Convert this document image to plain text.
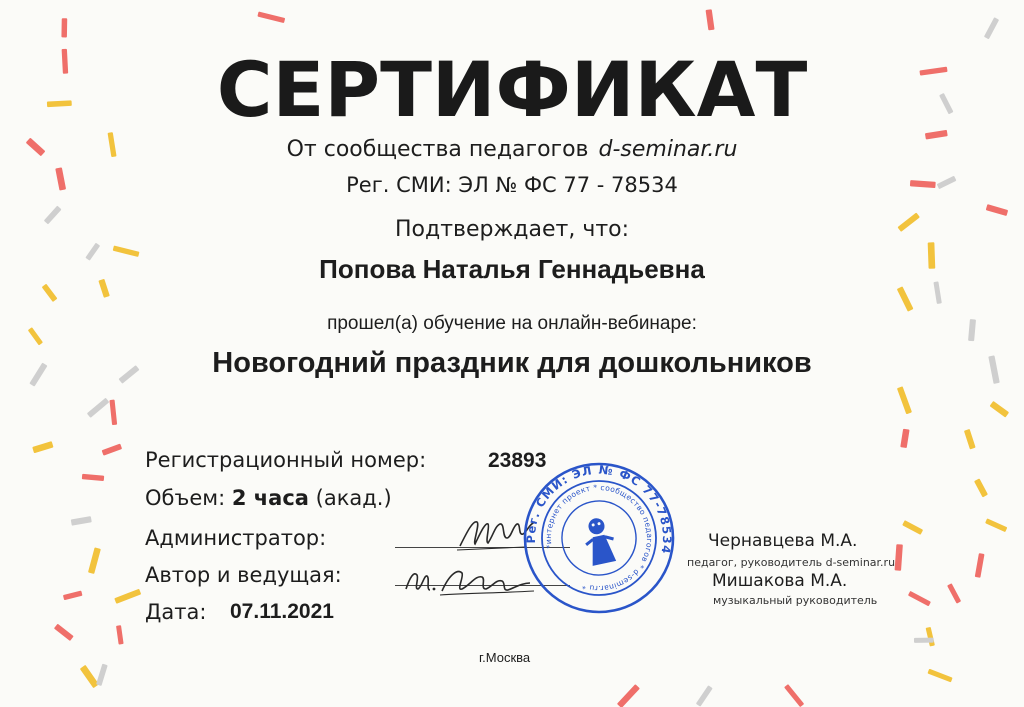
СЕРТИФИКАТ
От сообщества педагогов d-seminar.ru
Рег. СМИ: ЭЛ № ФС 77 - 78534
Подтверждает, что:
Попова Наталья Геннадьевна
прошел(а) обучение на онлайн-вебинаре:
Новогодний праздник для дошкольников
Регистрационный номер:	23893
Объем: 2 часа (акад.)
Администратор:
Автор и ведущая:
Дата: 07.11.2021
Рег. СМИ: ЭЛ № ФС 77-78534
*интернет проект * сообщество педагогов * d-seminar.ru *
Чернавцева М.А.
педагог, руководитель d-seminar.ru
Мишакова М.А.
музыкальный руководитель
г.Москва
